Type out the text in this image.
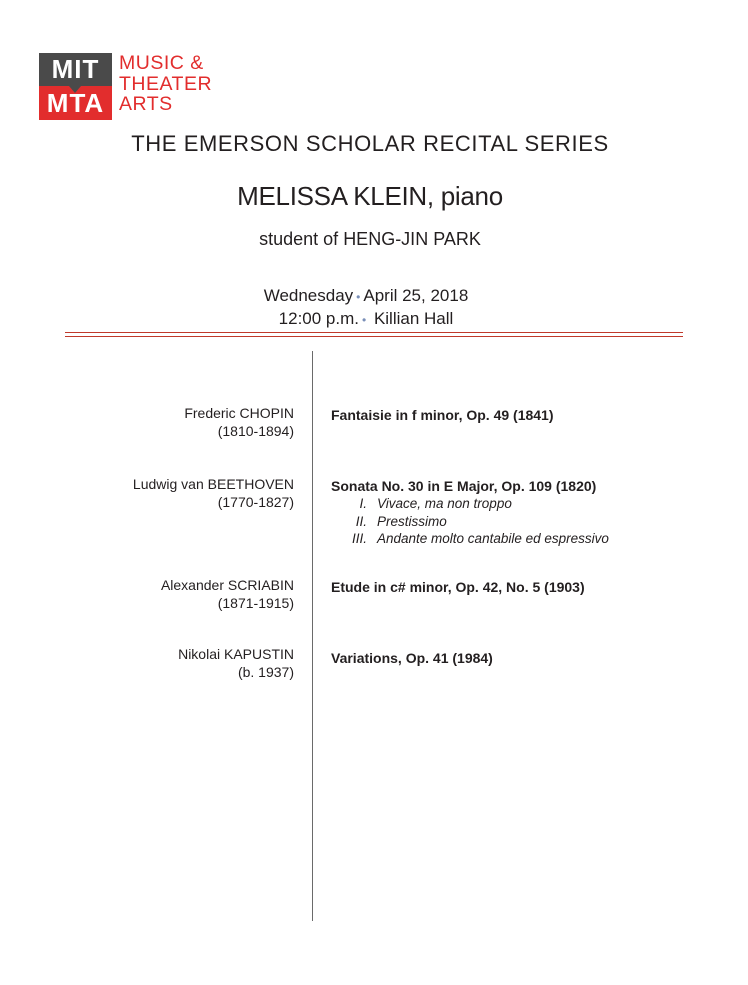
MIT
MTA
MUSIC &
THEATER
ARTS
THE EMERSON SCHOLAR RECITAL SERIES
MELISSA KLEIN, piano
student of HENG-JIN PARK
Wednesday • April 25, 2018
12:00 p.m. • Killian Hall
Frederic CHOPIN
(1810-1894)
Fantaisie in f minor, Op. 49 (1841)
Ludwig van BEETHOVEN
(1770-1827)
Sonata No. 30 in E Major, Op. 109 (1820)
I. Vivace, ma non troppo
II. Prestissimo
III. Andante molto cantabile ed espressivo
Alexander SCRIABIN
(1871-1915)
Etude in c# minor, Op. 42, No. 5 (1903)
Nikolai KAPUSTIN
(b. 1937)
Variations, Op. 41 (1984)
